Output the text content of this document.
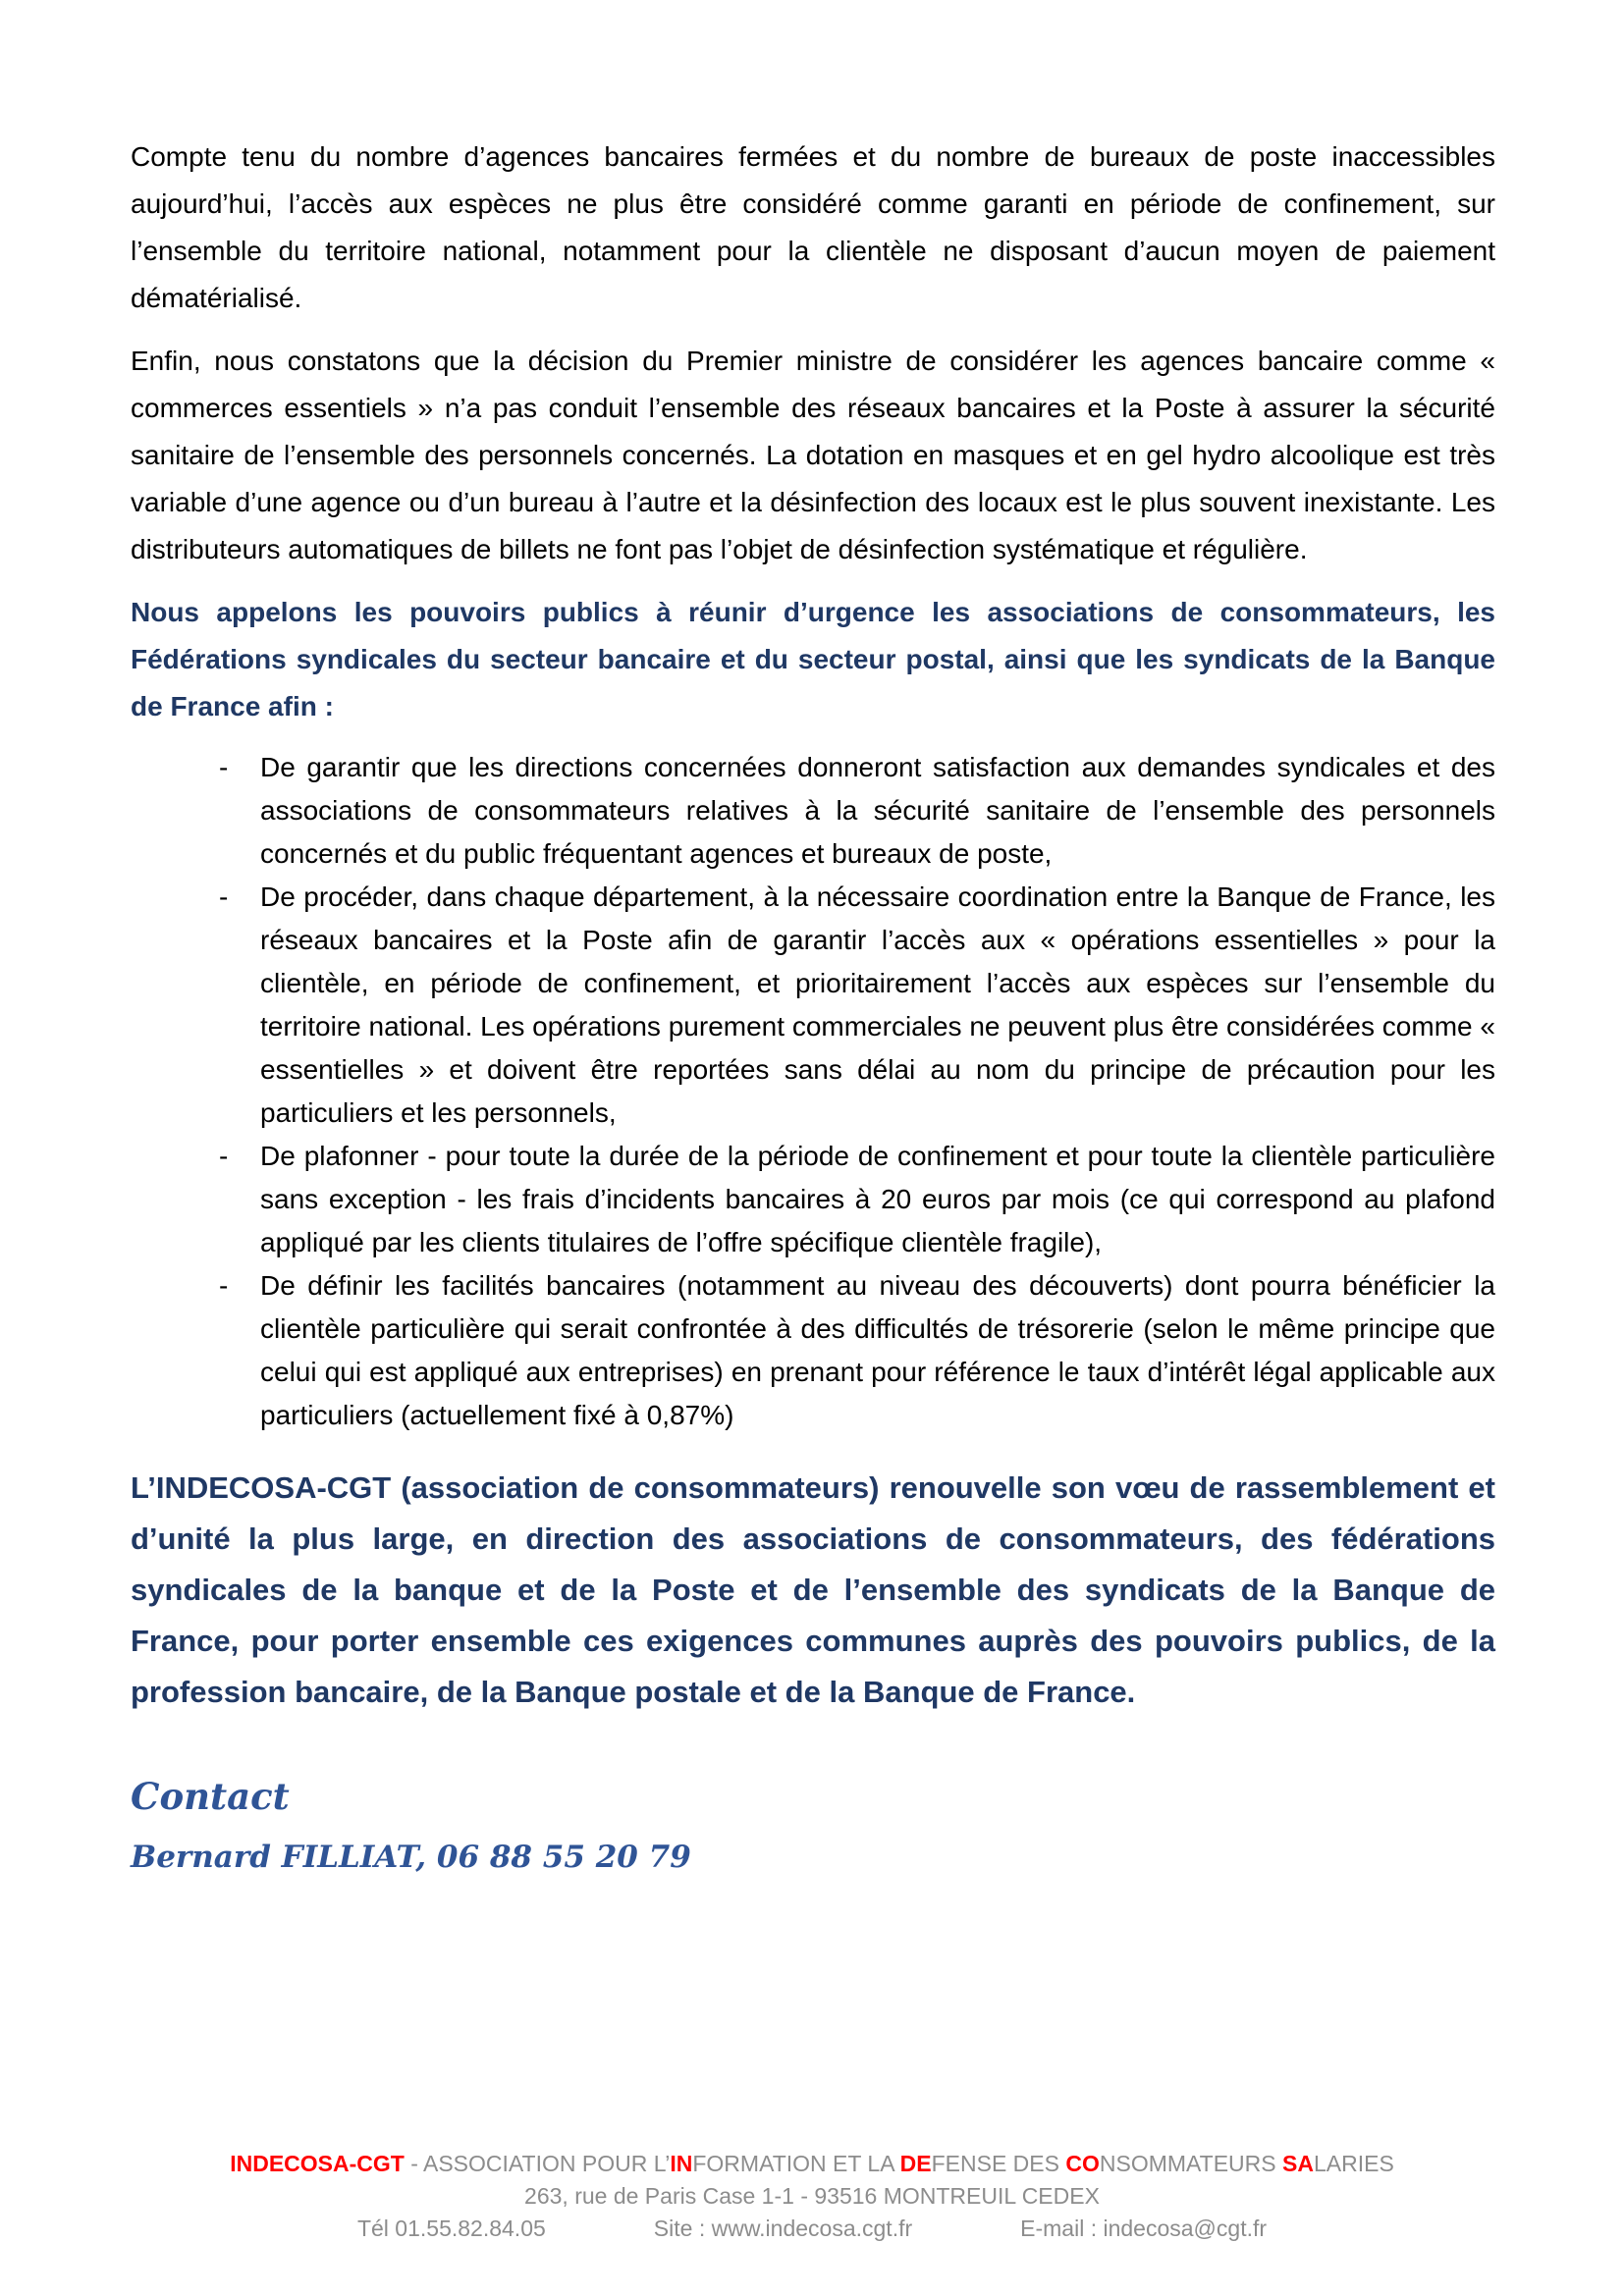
Compte tenu du nombre d’agences bancaires fermées et du nombre de bureaux de poste inaccessibles aujourd’hui, l’accès aux espèces ne plus être considéré comme garanti en période de confinement, sur l’ensemble du territoire national, notamment pour la clientèle ne disposant d’aucun moyen de paiement dématérialisé.

Enfin, nous constatons que la décision du Premier ministre de considérer les agences bancaire comme « commerces essentiels » n’a pas conduit l’ensemble des réseaux bancaires et la Poste à assurer la sécurité sanitaire de l’ensemble des personnels concernés. La dotation en masques et en gel hydro alcoolique est très variable d’une agence ou d’un bureau à l’autre et la désinfection des locaux est le plus souvent inexistante. Les distributeurs automatiques de billets ne font pas l’objet de désinfection systématique et régulière.

Nous appelons les pouvoirs publics à réunir d’urgence les associations de consommateurs, les Fédérations syndicales du secteur bancaire et du secteur postal, ainsi que les syndicats de la Banque de France afin :

- De garantir que les directions concernées donneront satisfaction aux demandes syndicales et des associations de consommateurs relatives à la sécurité sanitaire de l’ensemble des personnels concernés et du public fréquentant agences et bureaux de poste,
- De procéder, dans chaque département, à la nécessaire coordination entre la Banque de France, les réseaux bancaires et la Poste afin de garantir l’accès aux « opérations essentielles » pour la clientèle, en période de confinement, et prioritairement l’accès aux espèces sur l’ensemble du territoire national. Les opérations purement commerciales ne peuvent plus être considérées comme « essentielles » et doivent être reportées sans délai au nom du principe de précaution pour les particuliers et les personnels,
- De plafonner - pour toute la durée de la période de confinement et pour toute la clientèle particulière sans exception - les frais d’incidents bancaires à 20 euros par mois (ce qui correspond au plafond appliqué par les clients titulaires de l’offre spécifique clientèle fragile),
- De définir les facilités bancaires (notamment au niveau des découverts) dont pourra bénéficier la clientèle particulière qui serait confrontée à des difficultés de trésorerie (selon le même principe que celui qui est appliqué aux entreprises) en prenant pour référence le taux d’intérêt légal applicable aux particuliers (actuellement fixé à 0,87%)

L’INDECOSA-CGT (association de consommateurs) renouvelle son vœu de rassemblement et d’unité la plus large, en direction des associations de consommateurs, des fédérations syndicales de la banque et de la Poste et de l’ensemble des syndicats de la Banque de France, pour porter ensemble ces exigences communes auprès des pouvoirs publics, de la profession bancaire, de la Banque postale et de la Banque de France.

Contact

Bernard FILLIAT, 06 88 55 20 79

INDECOSA-CGT - ASSOCIATION POUR L’INFORMATION ET LA DEFENSE DES CONSOMMATEURS SALARIES
263, rue de Paris Case 1-1 - 93516 MONTREUIL CEDEX
Tél 01.55.82.84.05	Site : www.indecosa.cgt.fr	E-mail : indecosa@cgt.fr
